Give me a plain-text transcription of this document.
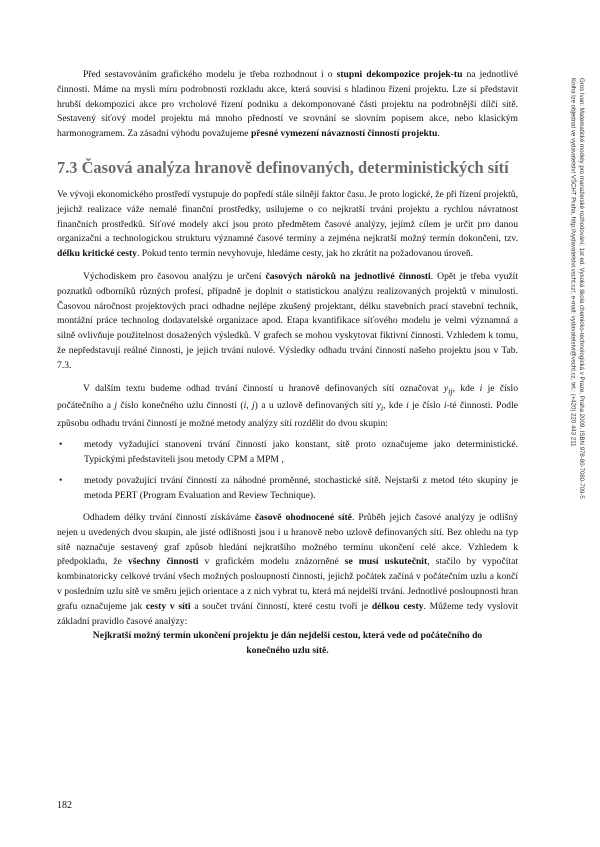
Před sestavováním grafického modelu je třeba rozhodnout i o stupni dekompozice projek-tu na jednotlivé činnosti. Máme na mysli míru podrobnosti rozkladu akce, která souvisí s hladinou řízení projektu. Lze si představit hrubší dekompozici akce pro vrcholové řízení podniku a dekomponované části projektu na podrobnější dílčí sítě. Sestavený síťový model projektu má mnoho předností ve srovnání se slovním popisem akce, nebo klasickým harmonogramem. Za zásadní výhodu považujeme přesné vymezení návazností činností projektu.

7.3 Časová analýza hranově definovaných, deterministických sítí

Ve vývoji ekonomického prostředí vystupuje do popředí stále silněji faktor času. Je proto logické, že při řízení projektů, jejichž realizace váže nemalé finanční prostředky, usilujeme o co nejkratší trvání projektu a rychlou návratnost finančních prostředků. Síťové modely akcí jsou proto předmětem časové analýzy, jejímž cílem je určit pro danou organizační a technologickou strukturu významné časové termíny a zejména nejkratší možný termín dokončení, tzv. délku kritické cesty. Pokud tento termín nevyhovuje, hledáme cesty, jak ho zkrátit na požadovanou úroveň.

Východiskem pro časovou analýzu je určení časových nároků na jednotlivé činnosti. Opět je třeba využít poznatků odborníků různých profesí, případně je doplnit o statistickou analýzu realizovaných projektů v minulosti. Časovou náročnost projektových prací odhadne nejlépe zkušený projektant, délku stavebních prací stavební technik, montážní práce technolog dodavatelské organizace apod. Etapa kvantifikace síťového modelu je velmi významná a silně ovlivňuje použitelnost dosažených výsledků. V grafech se mohou vyskytovat fiktivní činnosti. Vzhledem k tomu, že nepředstavují reálné činnosti, je jejich trvání nulové. Výsledky odhadu trvání činností našeho projektu jsou v Tab. 7.3.

V dalším textu budeme odhad trvání činností u hranově definovaných sítí označovat $y_{ij}$, kde i je číslo počátečního a j číslo konečného uzlu činnosti (i, j) a u uzlově definovaných sítí $y_i$, kde i je číslo i-té činnosti. Podle způsobu odhadu trvání činností je možné metody analýzy sítí rozdělit do dvou skupin:

• metody vyžadující stanovení trvání činností jako konstant, sítě proto označujeme jako deterministické. Typickými představiteli jsou metody CPM a MPM ,
• metody považující trvání činností za náhodné proměnné, stochastické sítě. Nejstarší z metod této skupiny je metoda PERT (Program Evaluation and Review Technique).

Odhadem délky trvání činností získáváme časově ohodnocené sítě. Průběh jejich časové analýzy je odlišný nejen u uvedených dvou skupin, ale jisté odlišnosti jsou i u hranově nebo uzlově definovaných sítí. Bez ohledu na typ sítě naznačuje sestavený graf způsob hledání nejkratšího možného termínu ukončení celé akce. Vzhledem k předpokladu, že všechny činnosti v grafickém modelu znázorněné se musí uskutečnit, stačilo by vypočítat kombinatoricky celkové trvání všech možných posloupností činností, jejichž počátek začíná v počátečním uzlu a končí v posledním uzlu sítě ve směru jejich orientace a z nich vybrat tu, která má nejdelší trvání. Jednotlivé posloupnosti hran grafu označujeme jak cesty v síti a součet trvání činností, které cestu tvoří je délkou cesty. Můžeme tedy vyslovit základní pravidlo časové analýzy:

Nejkratší možný termín ukončení projektu je dán nejdelší cestou, která vede od počátečního do konečného uzlu sítě.

182
Gros Ivan: Matematické modely pro manažerské rozhodování, 1st ed. Vysoká škola chemicko-technologická v Praze, Praha 2009, ISBN 978-80-7080-709-5
Kniha lze objednat ve vydavatelství VŠCHT Praha, http://vydavatelstvi.vscht.cz/, e-mail: vydavatelstvi@vscht.cz, tel.: (+420) 220 443 211
